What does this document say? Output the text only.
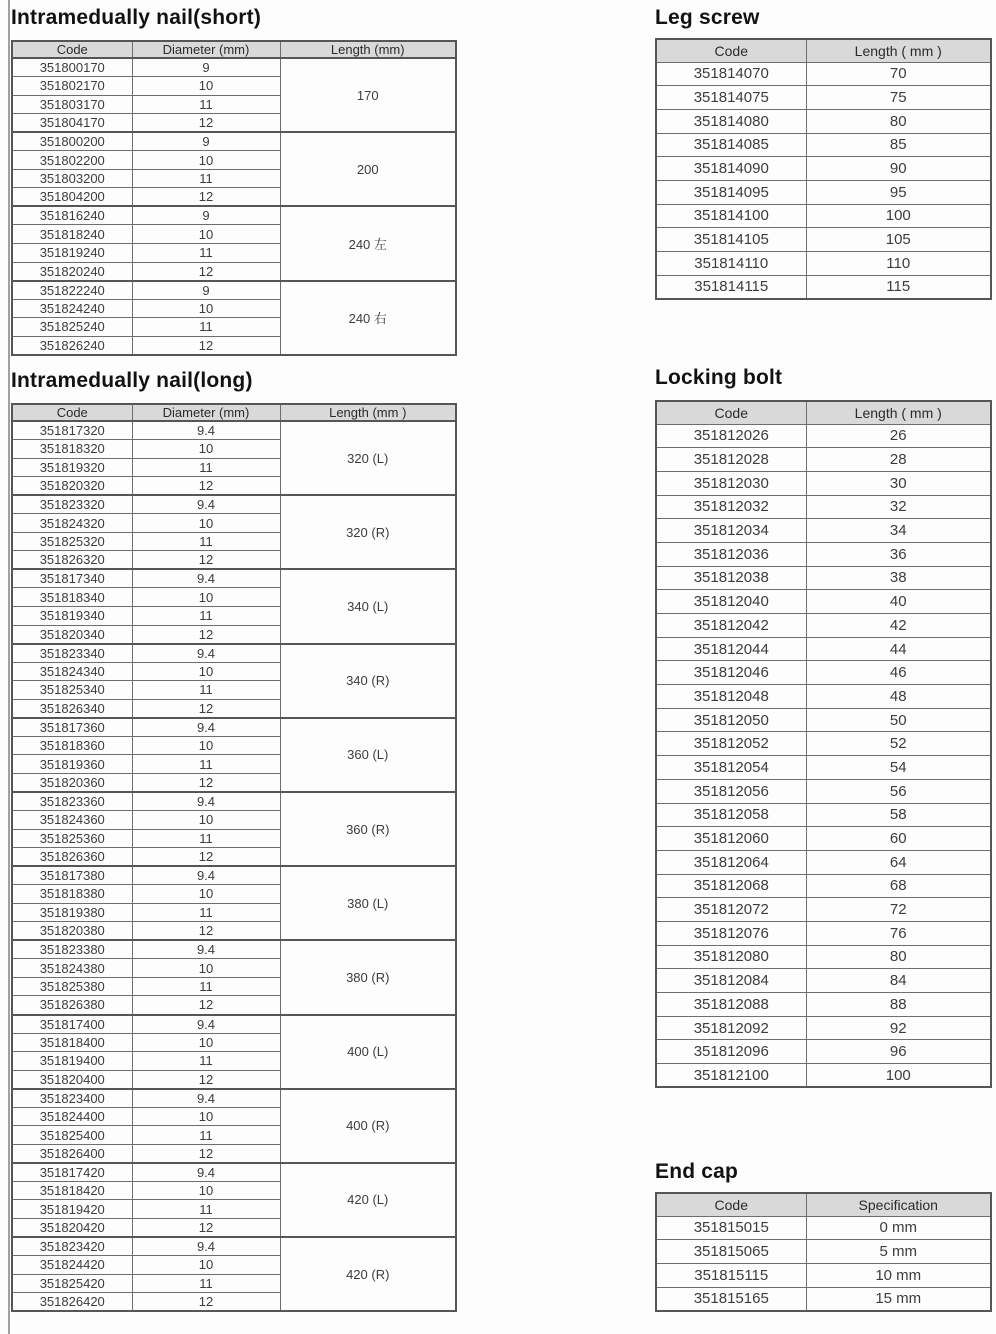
Intramedually nail(short)
Code	Diameter (mm)	Length (mm)
351800170	9	170
351802170	10	
351803170	11	
351804170	12	
351800200	9	200
351802200	10	
351803200	11	
351804200	12	
351816240	9	240 左
351818240	10	
351819240	11	
351820240	12	
351822240	9	240 右
351824240	10	
351825240	11	
351826240	12	
Intramedually nail(long)
Code	Diameter (mm)	Length (mm )
351817320	9.4	320 (L)
351818320	10	
351819320	11	
351820320	12	
351823320	9.4	320 (R)
351824320	10	
351825320	11	
351826320	12	
351817340	9.4	340 (L)
351818340	10	
351819340	11	
351820340	12	
351823340	9.4	340 (R)
351824340	10	
351825340	11	
351826340	12	
351817360	9.4	360 (L)
351818360	10	
351819360	11	
351820360	12	
351823360	9.4	360 (R)
351824360	10	
351825360	11	
351826360	12	
351817380	9.4	380 (L)
351818380	10	
351819380	11	
351820380	12	
351823380	9.4	380 (R)
351824380	10	
351825380	11	
351826380	12	
351817400	9.4	400 (L)
351818400	10	
351819400	11	
351820400	12	
351823400	9.4	400 (R)
351824400	10	
351825400	11	
351826400	12	
351817420	9.4	420 (L)
351818420	10	
351819420	11	
351820420	12	
351823420	9.4	420 (R)
351824420	10	
351825420	11	
351826420	12	
Leg screw
Code	Length ( mm )
351814070	70
351814075	75
351814080	80
351814085	85
351814090	90
351814095	95
351814100	100
351814105	105
351814110	110
351814115	115
Locking bolt
Code	Length ( mm )
351812026	26
351812028	28
351812030	30
351812032	32
351812034	34
351812036	36
351812038	38
351812040	40
351812042	42
351812044	44
351812046	46
351812048	48
351812050	50
351812052	52
351812054	54
351812056	56
351812058	58
351812060	60
351812064	64
351812068	68
351812072	72
351812076	76
351812080	80
351812084	84
351812088	88
351812092	92
351812096	96
351812100	100
End cap
Code	Specification
351815015	0 mm
351815065	5 mm
351815115	10 mm
351815165	15 mm
